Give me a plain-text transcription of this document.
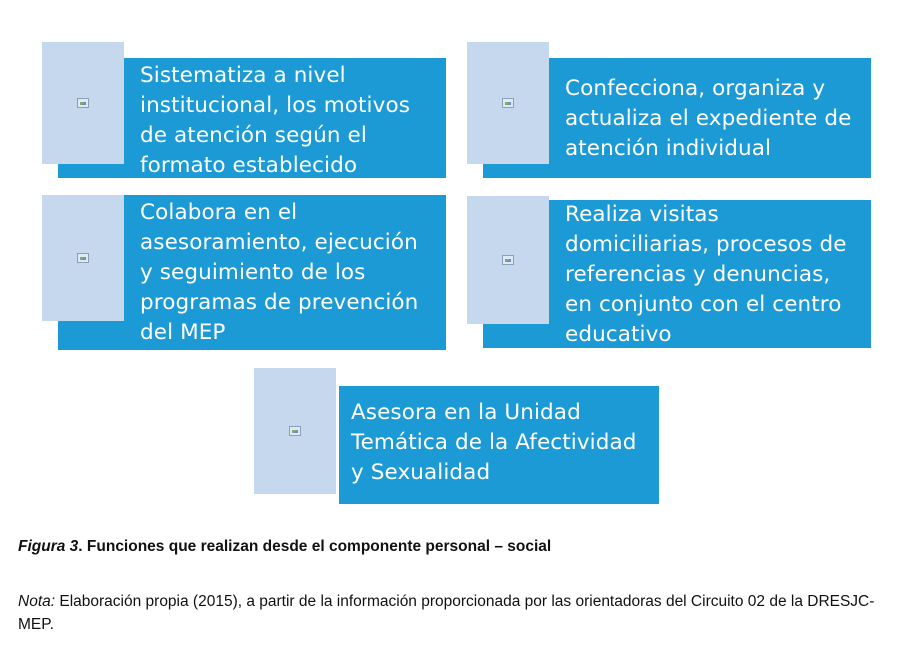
Sistematiza a nivel institucional, los motivos de atención según el formato establecido
Confecciona, organiza y actualiza el expediente de atención individual
Colabora en el asesoramiento, ejecución y seguimiento de los programas de prevención del MEP
Realiza visitas domiciliarias, procesos de referencias y denuncias, en conjunto con el centro educativo
Asesora en la Unidad Temática de la Afectividad y Sexualidad
Figura 3. Funciones que realizan desde el componente personal – social
Nota: Elaboración propia (2015), a partir de la información proporcionada por las orientadoras del Circuito 02 de la DRESJC- MEP.
